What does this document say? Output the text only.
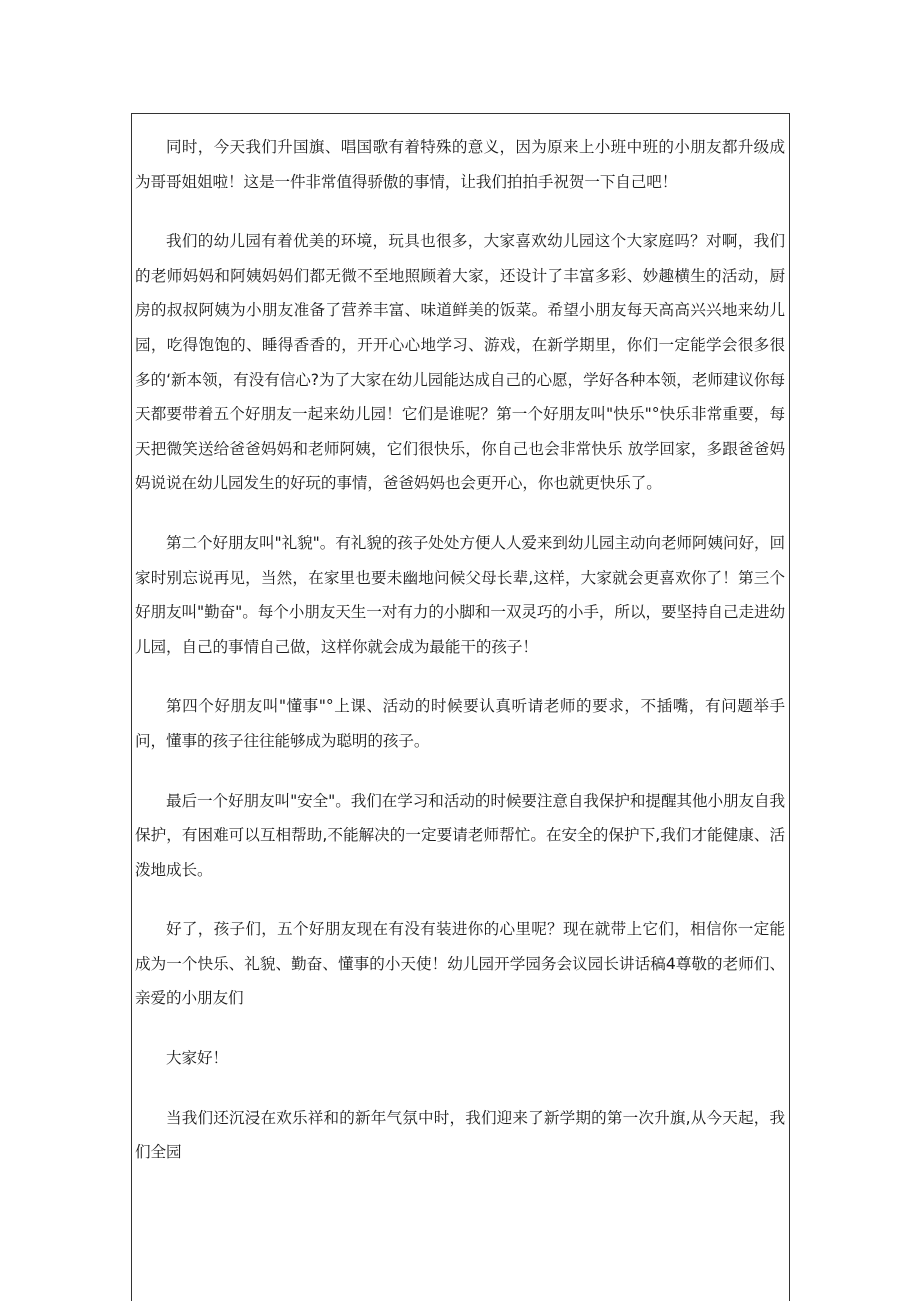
同时，今天我们升国旗、唱国歌有着特殊的意义，因为原来上小班中班的小朋友都升级成为哥哥姐姐啦！这是一件非常值得骄傲的事情，让我们拍拍手祝贺一下自己吧！

我们的幼儿园有着优美的环境，玩具也很多，大家喜欢幼儿园这个大家庭吗？对啊，我们的老师妈妈和阿姨妈妈们都无微不至地照顾着大家，还设计了丰富多彩、妙趣横生的活动，厨房的叔叔阿姨为小朋友准备了营养丰富、味道鲜美的饭菜。希望小朋友每天高高兴兴地来幼儿园，吃得饱饱的、睡得香香的，开开心心地学习、游戏，在新学期里，你们一定能学会很多很多的‘新本领，有没有信心?为了大家在幼儿园能达成自己的心愿，学好各种本领，老师建议你每天都要带着五个好朋友一起来幼儿园！它们是谁呢？第一个好朋友叫"快乐"°快乐非常重要，每天把微笑送给爸爸妈妈和老师阿姨，它们很快乐，你自己也会非常快乐 放学回家，多跟爸爸妈妈说说在幼儿园发生的好玩的事情，爸爸妈妈也会更开心，你也就更快乐了。

第二个好朋友叫"礼貌"。有礼貌的孩子处处方便人人爱来到幼儿园主动向老师阿姨问好，回家时别忘说再见，当然，在家里也要未幽地问候父母长辈,这样，大家就会更喜欢你了！第三个好朋友叫"勤奋"。每个小朋友天生一对有力的小脚和一双灵巧的小手，所以，要坚持自己走进幼儿园，自己的事情自己做，这样你就会成为最能干的孩子！

第四个好朋友叫"懂事"°上课、活动的时候要认真听请老师的要求，不插嘴，有问题举手问，懂事的孩子往往能够成为聪明的孩子。

最后一个好朋友叫"安全"。我们在学习和活动的时候要注意自我保护和提醒其他小朋友自我保护，有困难可以互相帮助,不能解决的一定要请老师帮忙。在安全的保护下,我们才能健康、活泼地成长。

好了，孩子们，五个好朋友现在有没有装进你的心里呢？现在就带上它们，相信你一定能成为一个快乐、礼貌、勤奋、懂事的小天使！幼儿园开学园务会议园长讲话稿4尊敬的老师们、亲爱的小朋友们

大家好！

当我们还沉浸在欢乐祥和的新年气氛中时，我们迎来了新学期的第一次升旗,从今天起，我们全园
